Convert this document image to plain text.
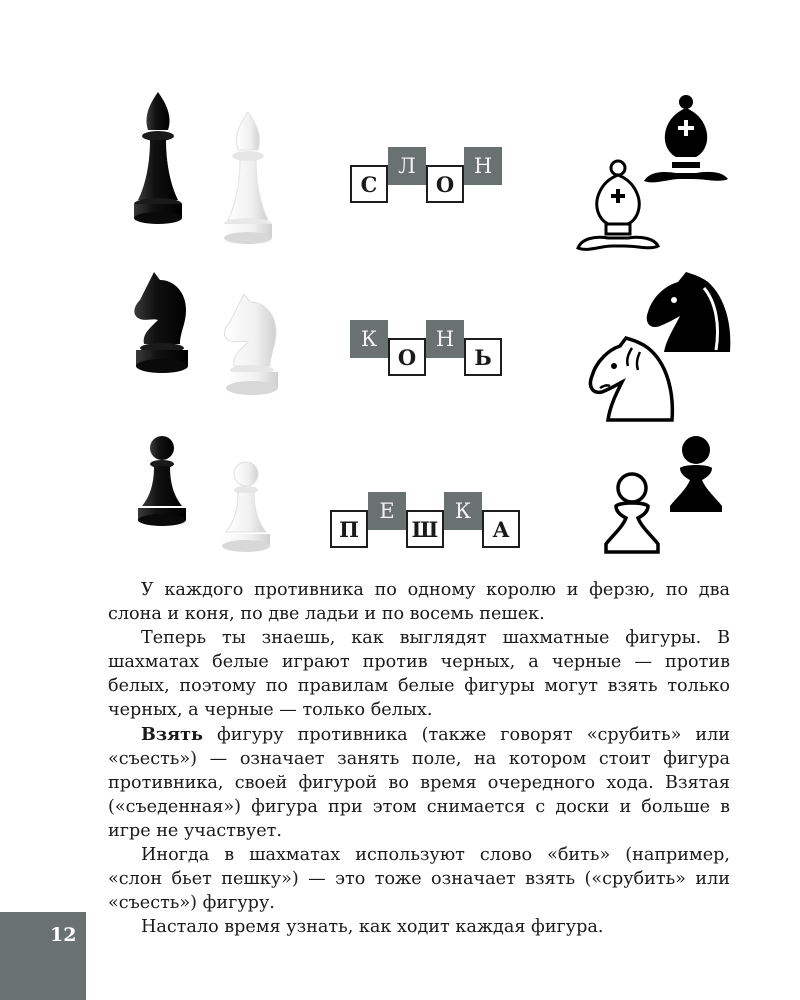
С
Л
О
Н
К
О
Н
Ь
П
Е
Ш
К
А

У каждого противника по одному королю и ферзю, по два слона и коня, по две ладьи и по восемь пешек.

Теперь ты знаешь, как выглядят шахматные фигуры. В шахматах белые играют против черных, а черные — против белых, поэтому по правилам белые фигуры могут взять только черных, а черные — только белых.

Взять фигуру противника (также говорят «срубить» или «съесть») — означает занять поле, на котором стоит фигура противника, своей фигурой во время очередного хода. Взятая («съеденная») фигура при этом снимается с доски и больше в игре не участвует.

Иногда в шахматах используют слово «бить» (например, «слон бьет пешку») — это тоже означает взять («срубить» или «съесть») фигуру.

Настало время узнать, как ходит каждая фигура.

12
